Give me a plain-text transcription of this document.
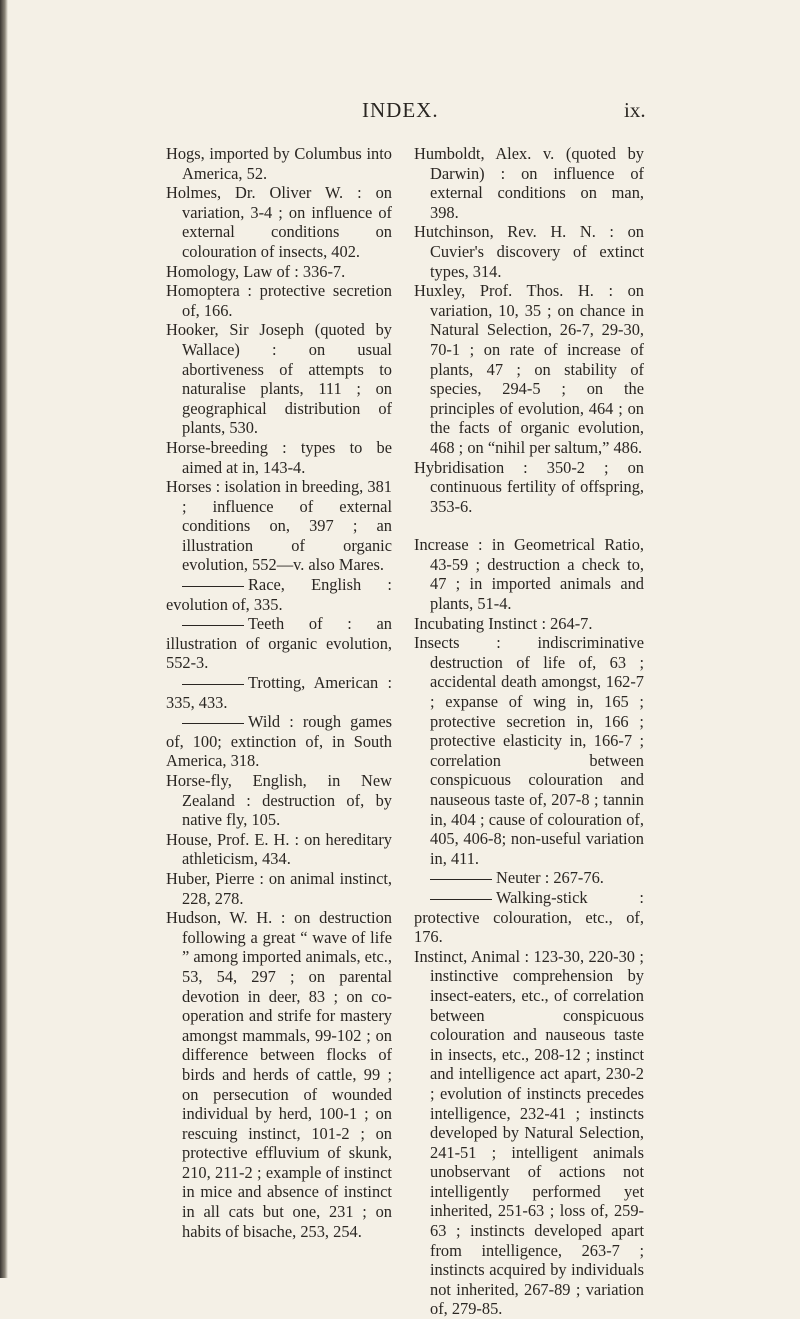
INDEX.	ix.

Hogs, imported by Columbus into America, 52.

Holmes, Dr. Oliver W. : on variation, 3-4 ; on influence of external conditions on colouration of insects, 402.

Homology, Law of : 336-7.

Homoptera : protective secretion of, 166.

Hooker, Sir Joseph (quoted by Wallace) : on usual abortiveness of attempts to naturalise plants, 111 ; on geographical distribution of plants, 530.

Horse-breeding : types to be aimed at in, 143-4.

Horses : isolation in breeding, 381 ; influence of external conditions on, 397 ; an illustration of organic evolution, 552—v. also Mares.

Race, English : evolution of, 335.

Teeth of : an illustration of organic evolution, 552-3.

Trotting, American : 335, 433.

Wild : rough games of, 100; extinction of, in South America, 318.

Horse-fly, English, in New Zealand : destruction of, by native fly, 105.

House, Prof. E. H. : on hereditary athleticism, 434.

Huber, Pierre : on animal instinct, 228, 278.

Hudson, W. H. : on destruction following a great “ wave of life ” among imported animals, etc., 53, 54, 297 ; on parental devotion in deer, 83 ; on co-operation and strife for mastery amongst mammals, 99-102 ; on difference between flocks of birds and herds of cattle, 99 ; on persecution of wounded individual by herd, 100-1 ; on rescuing instinct, 101-2 ; on protective effluvium of skunk, 210, 211-2 ; example of instinct in mice and absence of instinct in all cats but one, 231 ; on habits of bisache, 253, 254.

Humboldt, Alex. v. (quoted by Darwin) : on influence of external conditions on man, 398.

Hutchinson, Rev. H. N. : on Cuvier's discovery of extinct types, 314.

Huxley, Prof. Thos. H. : on variation, 10, 35 ; on chance in Natural Selection, 26-7, 29-30, 70-1 ; on rate of increase of plants, 47 ; on stability of species, 294-5 ; on the principles of evolution, 464 ; on the facts of organic evolution, 468 ; on “nihil per saltum,” 486.

Hybridisation : 350-2 ; on continuous fertility of offspring, 353-6.

Increase : in Geometrical Ratio, 43-59 ; destruction a check to, 47 ; in imported animals and plants, 51-4.

Incubating Instinct : 264-7.

Insects : indiscriminative destruction of life of, 63 ; accidental death amongst, 162-7 ; expanse of wing in, 165 ; protective secretion in, 166 ; protective elasticity in, 166-7 ; correlation between conspicuous colouration and nauseous taste of, 207-8 ; tannin in, 404 ; cause of colouration of, 405, 406-8; non-useful variation in, 411.

Neuter : 267-76.

Walking-stick : protective colouration, etc., of, 176.

Instinct, Animal : 123-30, 220-30 ; instinctive comprehension by insect-eaters, etc., of correlation between conspicuous colouration and nauseous taste in insects, etc., 208-12 ; instinct and intelligence act apart, 230-2 ; evolution of instincts precedes intelligence, 232-41 ; instincts developed by Natural Selection, 241-51 ; intelligent animals unobservant of actions not intelligently performed yet inherited, 251-63 ; loss of, 259-63 ; instincts developed apart from intelligence, 263-7 ; instincts acquired by individuals not inherited, 267-89 ; variation of, 279-85.
